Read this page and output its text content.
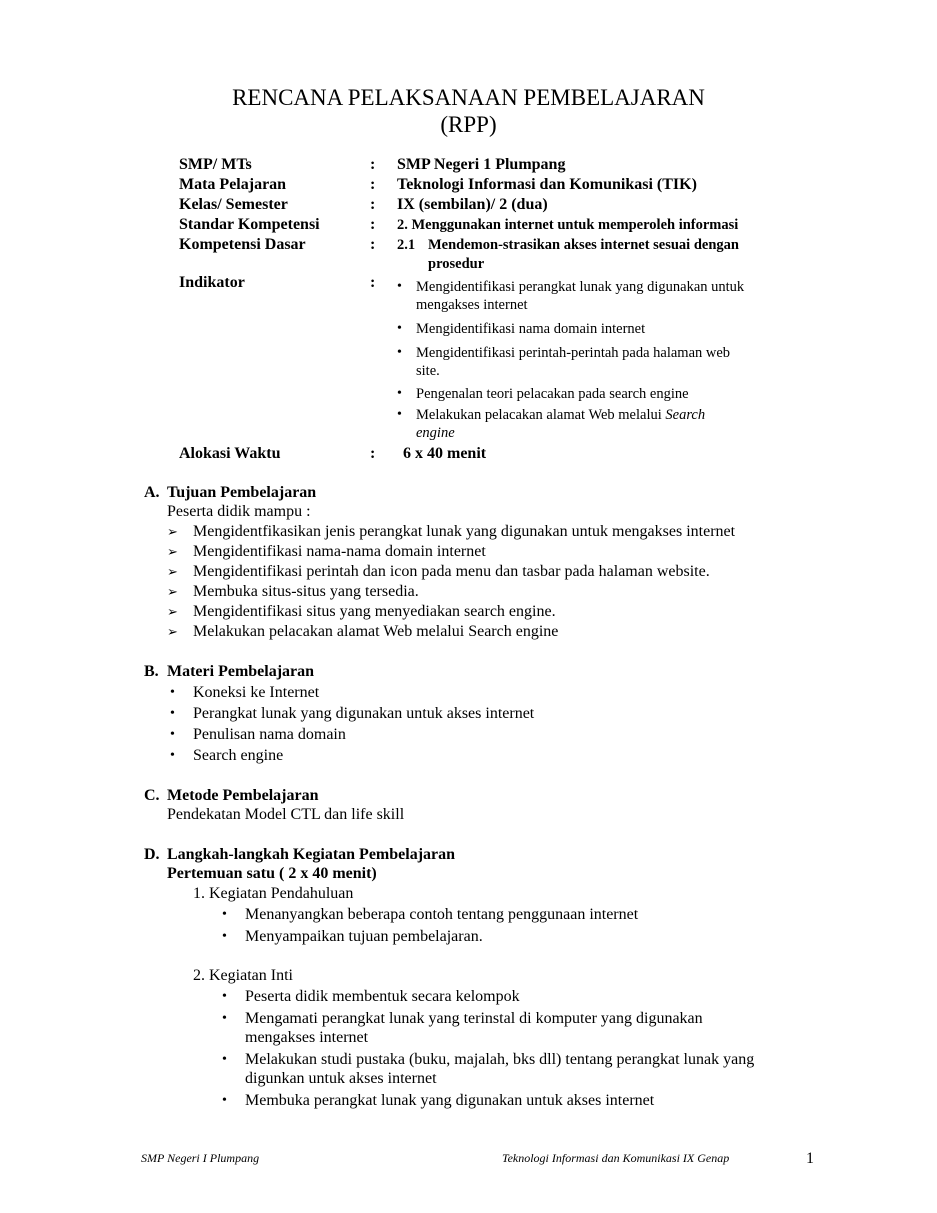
RENCANA PELAKSANAAN PEMBELAJARAN
(RPP)
SMP/ MTs	: SMP Negeri 1 Plumpang
Mata Pelajaran	: Teknologi Informasi dan Komunikasi (TIK)
Kelas/ Semester	: IX (sembilan)/ 2 (dua)
Standar Kompetensi	: 2. Menggunakan internet untuk memperoleh informasi
Kompetensi Dasar	: 2.1 Mendemon-strasikan akses internet sesuai dengan
prosedur
Indikator	: • Mengidentifikasi perangkat lunak yang digunakan untuk
mengakses internet
• Mengidentifikasi nama domain internet
• Mengidentifikasi perintah-perintah pada halaman web
site.
• Pengenalan teori pelacakan pada search engine
• Melakukan pelacakan alamat Web melalui Search
engine
Alokasi Waktu	: 6 x 40 menit
A. Tujuan Pembelajaran
Peserta didik mampu :
➢ Mengidentfikasikan jenis perangkat lunak yang digunakan untuk mengakses internet
➢ Mengidentifikasi nama-nama domain internet
➢ Mengidentifikasi perintah dan icon pada menu dan tasbar pada halaman website.
➢ Membuka situs-situs yang tersedia.
➢ Mengidentifikasi situs yang menyediakan search engine.
➢ Melakukan pelacakan alamat Web melalui Search engine
B. Materi Pembelajaran
• Koneksi ke Internet
• Perangkat lunak yang digunakan untuk akses internet
• Penulisan nama domain
• Search engine
C. Metode Pembelajaran
Pendekatan Model CTL dan life skill
D. Langkah-langkah Kegiatan Pembelajaran
Pertemuan satu ( 2 x 40 menit)
1. Kegiatan Pendahuluan
• Menanyangkan beberapa contoh tentang penggunaan internet
• Menyampaikan tujuan pembelajaran.
2. Kegiatan Inti
• Peserta didik membentuk secara kelompok
• Mengamati perangkat lunak yang terinstal di komputer yang digunakan
mengakses internet
• Melakukan studi pustaka (buku, majalah, bks dll) tentang perangkat lunak yang
digunkan untuk akses internet
• Membuka perangkat lunak yang digunakan untuk akses internet
SMP Negeri I Plumpang	Teknologi Informasi dan Komunikasi IX Genap	1
